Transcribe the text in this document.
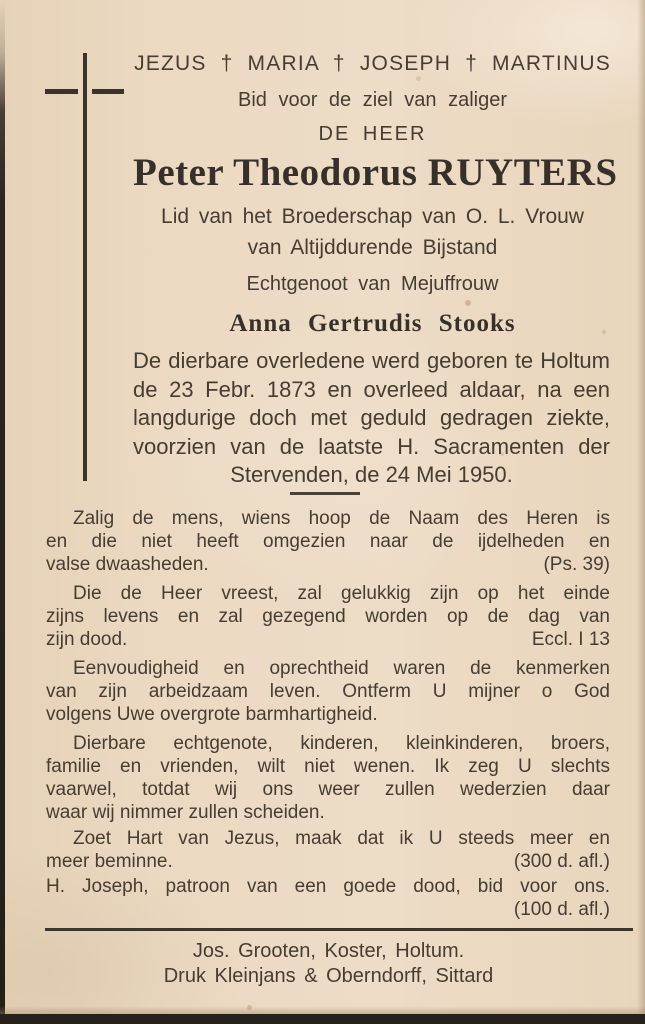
JEZUS † MARIA † JOSEPH † MARTINUS
Bid voor de ziel van zaliger
DE HEER
Peter Theodorus RUYTERS
Lid van het Broederschap van O. L. Vrouw
van Altijddurende Bijstand
Echtgenoot van Mejuffrouw
Anna Gertrudis Stooks
De dierbare overledene werd geboren te Holtum
de 23 Febr. 1873 en overleed aldaar, na een
langdurige doch met geduld gedragen ziekte,
voorzien van de laatste H. Sacramenten der
Stervenden, de 24 Mei 1950.
Zalig de mens, wiens hoop de Naam des Heren is
en die niet heeft omgezien naar de ijdelheden en
valse dwaasheden.	(Ps. 39)
Die de Heer vreest, zal gelukkig zijn op het einde
zijns levens en zal gezegend worden op de dag van
zijn dood.	Eccl. I 13
Eenvoudigheid en oprechtheid waren de kenmerken
van zijn arbeidzaam leven. Ontferm U mijner o God
volgens Uwe overgrote barmhartigheid.
Dierbare echtgenote, kinderen, kleinkinderen, broers,
familie en vrienden, wilt niet wenen. Ik zeg U slechts
vaarwel, totdat wij ons weer zullen wederzien daar
waar wij nimmer zullen scheiden.
Zoet Hart van Jezus, maak dat ik U steeds meer en
meer beminne.	(300 d. afl.)
H. Joseph, patroon van een goede dood, bid voor ons.
(100 d. afl.)
Jos. Grooten, Koster, Holtum.
Druk Kleinjans & Oberndorff, Sittard
